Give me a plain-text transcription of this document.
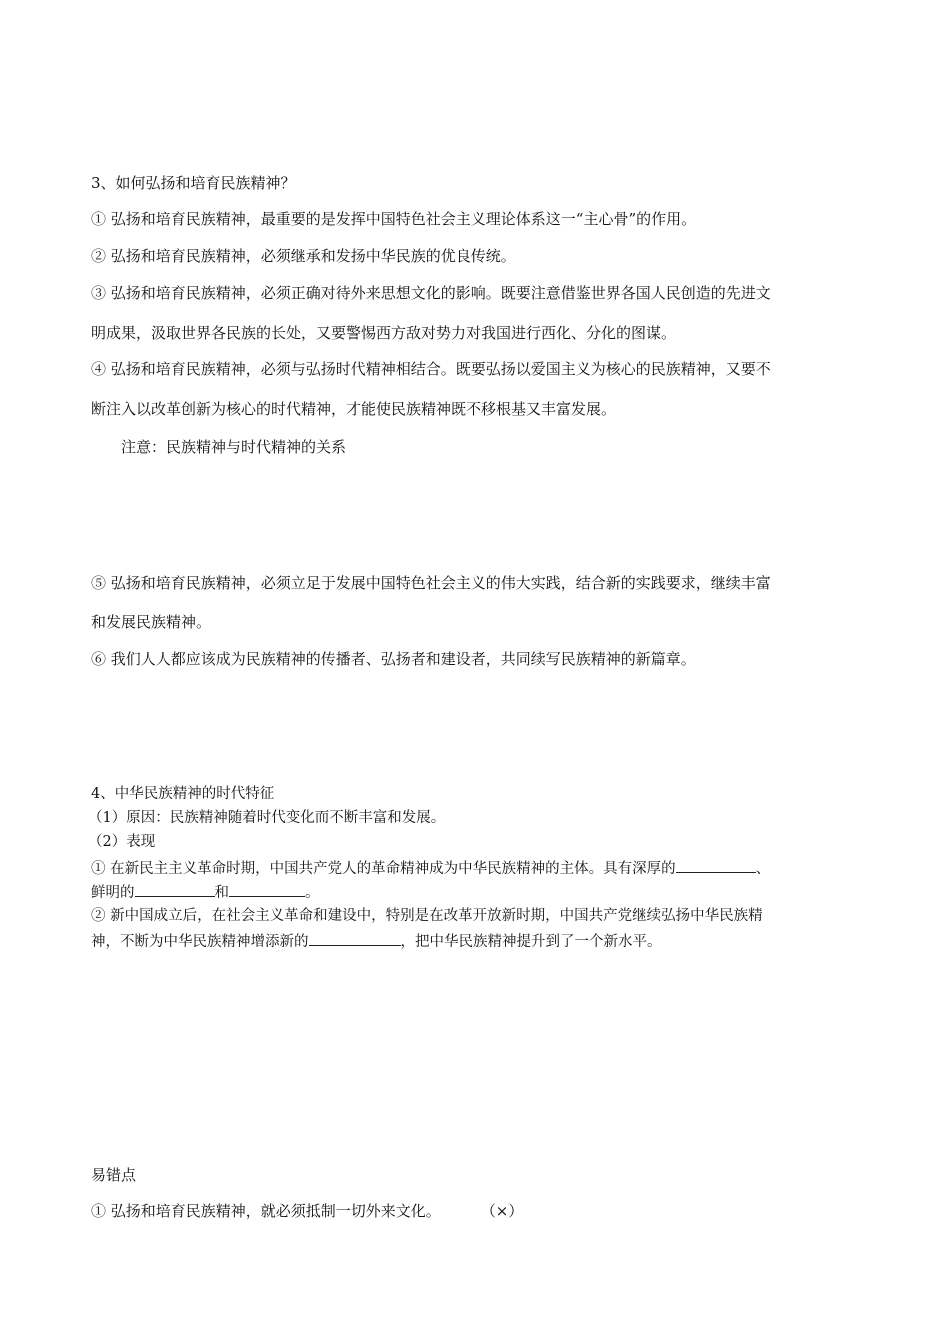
3、如何弘扬和培育民族精神？
① 弘扬和培育民族精神，最重要的是发挥中国特色社会主义理论体系这一“主心骨”的作用。
② 弘扬和培育民族精神，必须继承和发扬中华民族的优良传统。
③ 弘扬和培育民族精神，必须正确对待外来思想文化的影响。既要注意借鉴世界各国人民创造的先进文
明成果，汲取世界各民族的长处，又要警惕西方敌对势力对我国进行西化、分化的图谋。
④ 弘扬和培育民族精神，必须与弘扬时代精神相结合。既要弘扬以爱国主义为核心的民族精神，又要不
断注入以改革创新为核心的时代精神，才能使民族精神既不移根基又丰富发展。
注意：民族精神与时代精神的关系
⑤ 弘扬和培育民族精神，必须立足于发展中国特色社会主义的伟大实践，结合新的实践要求，继续丰富
和发展民族精神。
⑥ 我们人人都应该成为民族精神的传播者、弘扬者和建设者，共同续写民族精神的新篇章。
4、中华民族精神的时代特征
（1）原因：民族精神随着时代变化而不断丰富和发展。
（2）表现
① 在新民主主义革命时期，中国共产党人的革命精神成为中华民族精神的主体。具有深厚的	、
鲜明的	和	。
② 新中国成立后，在社会主义革命和建设中，特别是在改革开放新时期，中国共产党继续弘扬中华民族精
神，不断为中华民族精神增添新的	，把中华民族精神提升到了一个新水平。
易错点
① 弘扬和培育民族精神，就必须抵制一切外来文化。	（×）
